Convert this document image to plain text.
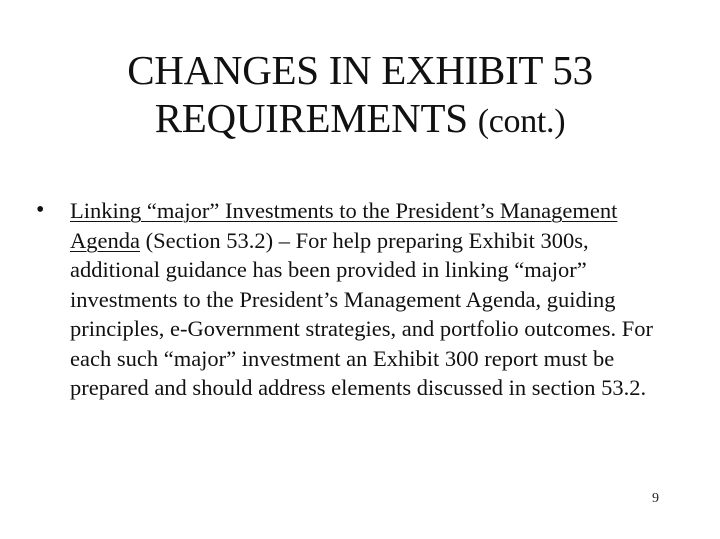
CHANGES IN EXHIBIT 53
REQUIREMENTS (cont.)
•	Linking “major” Investments to the President’s Management Agenda (Section 53.2) – For help preparing Exhibit 300s, additional guidance has been provided in linking “major” investments to the President’s Management Agenda, guiding principles, e-Government strategies, and portfolio outcomes. For each such “major” investment an Exhibit 300 report must be prepared and should address elements discussed in section 53.2.
9
